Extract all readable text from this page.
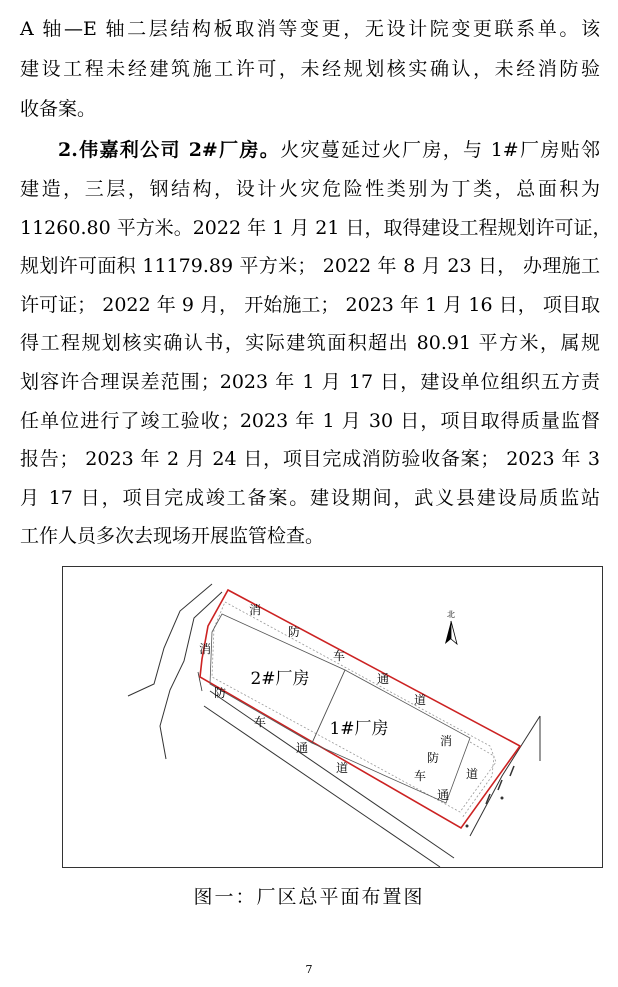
A 轴—E 轴二层结构板取消等变更，无设计院变更联系单。该

建设工程未经建筑施工许可，未经规划核实确认，未经消防验

收备案。

2.伟嘉利公司 2#厂房。火灾蔓延过火厂房，与 1#厂房贴邻

建造，三层，钢结构，设计火灾危险性类别为丁类，总面积为

11260.80 平方米。2022 年 1 月 21 日，取得建设工程规划许可证，

规划许可面积 11179.89 平方米； 2022 年 8 月 23 日， 办理施工

许可证； 2022 年 9 月， 开始施工； 2023 年 1 月 16 日， 项目取

得工程规划核实确认书，实际建筑面积超出 80.91 平方米，属规

划容许合理误差范围；2023 年 1 月 17 日，建设单位组织五方责

任单位进行了竣工验收；2023 年 1 月 30 日，项目取得质量监督

报告； 2023 年 2 月 24 日，项目完成消防验收备案； 2023 年 3

月 17 日，项目完成竣工备案。建设期间，武义县建设局质监站

工作人员多次去现场开展监管检查。

2#厂房
1#厂房
消
防
车
通
道
消
防
车
通
道
消
防
道
车
通
北

图一：厂区总平面布置图

7
